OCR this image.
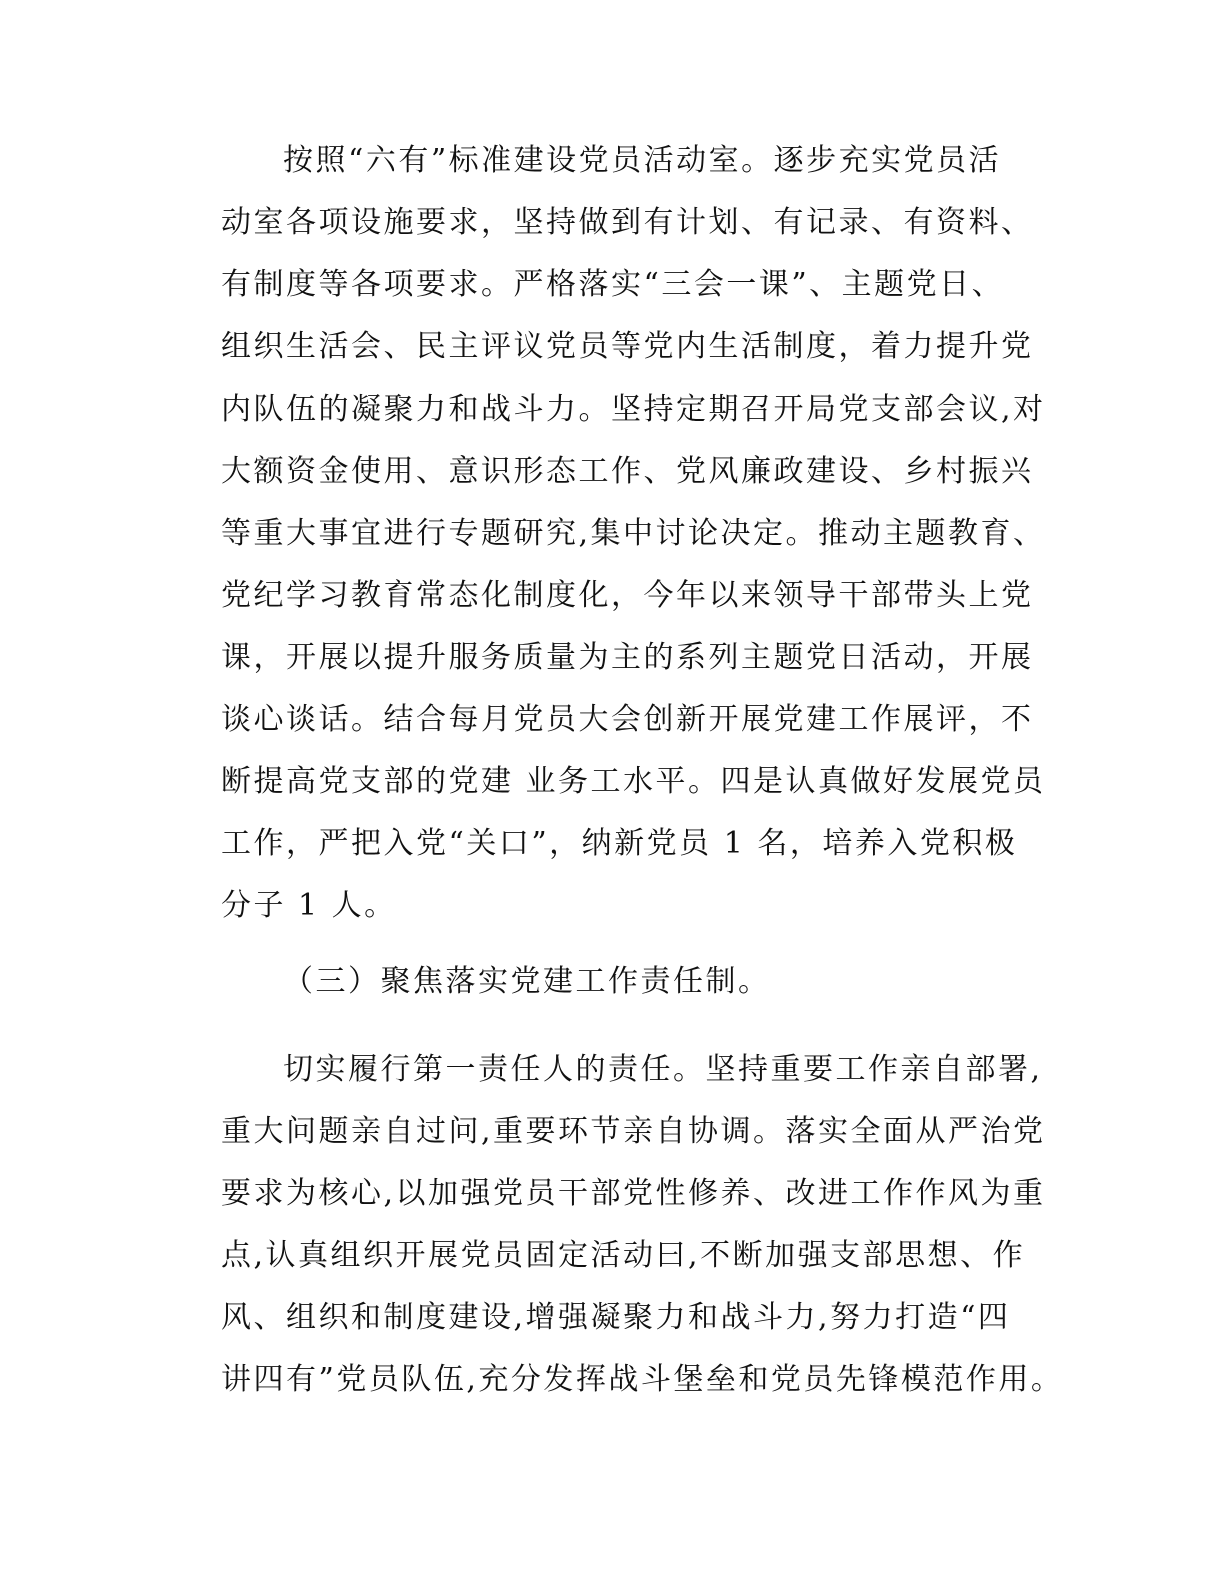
按照“六有”标准建设党员活动室。逐步充实党员活

动室各项设施要求，坚持做到有计划、有记录、有资料、

有制度等各项要求。严格落实“三会一课”、主题党日、

组织生活会、民主评议党员等党内生活制度，着力提升党

内队伍的凝聚力和战斗力。坚持定期召开局党支部会议,对

大额资金使用、意识形态工作、党风廉政建设、乡村振兴

等重大事宜进行专题研究,集中讨论决定。推动主题教育、

党纪学习教育常态化制度化，今年以来领导干部带头上党

课，开展以提升服务质量为主的系列主题党日活动，开展

谈心谈话。结合每月党员大会创新开展党建工作展评，不

断提高党支部的党建 业务工水平。四是认真做好发展党员

工作，严把入党“关口”，纳新党员 1 名，培养入党积极

分子 1 人。

（三）聚焦落实党建工作责任制。

切实履行第一责任人的责任。坚持重要工作亲自部署,

重大问题亲自过问,重要环节亲自协调。落实全面从严治党

要求为核心,以加强党员干部党性修养、改进工作作风为重

点,认真组织开展党员固定活动曰,不断加强支部思想、作

风、组织和制度建设,增强凝聚力和战斗力,努力打造“四

讲四有”党员队伍,充分发挥战斗堡垒和党员先锋模范作用。
